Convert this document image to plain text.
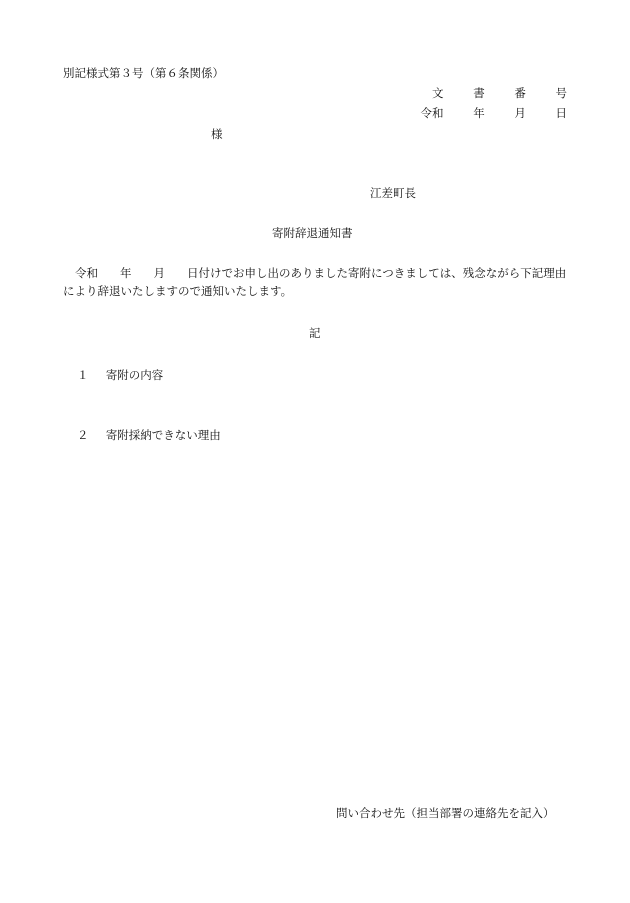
別記様式第３号（第６条関係）
文	書	番	号
令和	年	月	日
様
江差町長
寄附辞退通知書
令和 年 月 日付けでお申し出のありました寄附につきましては、残念ながら下記理由により辞退いたしますので通知いたします。
記
１ 寄附の内容
２ 寄附採納できない理由
問い合わせ先（担当部署の連絡先を記入）
